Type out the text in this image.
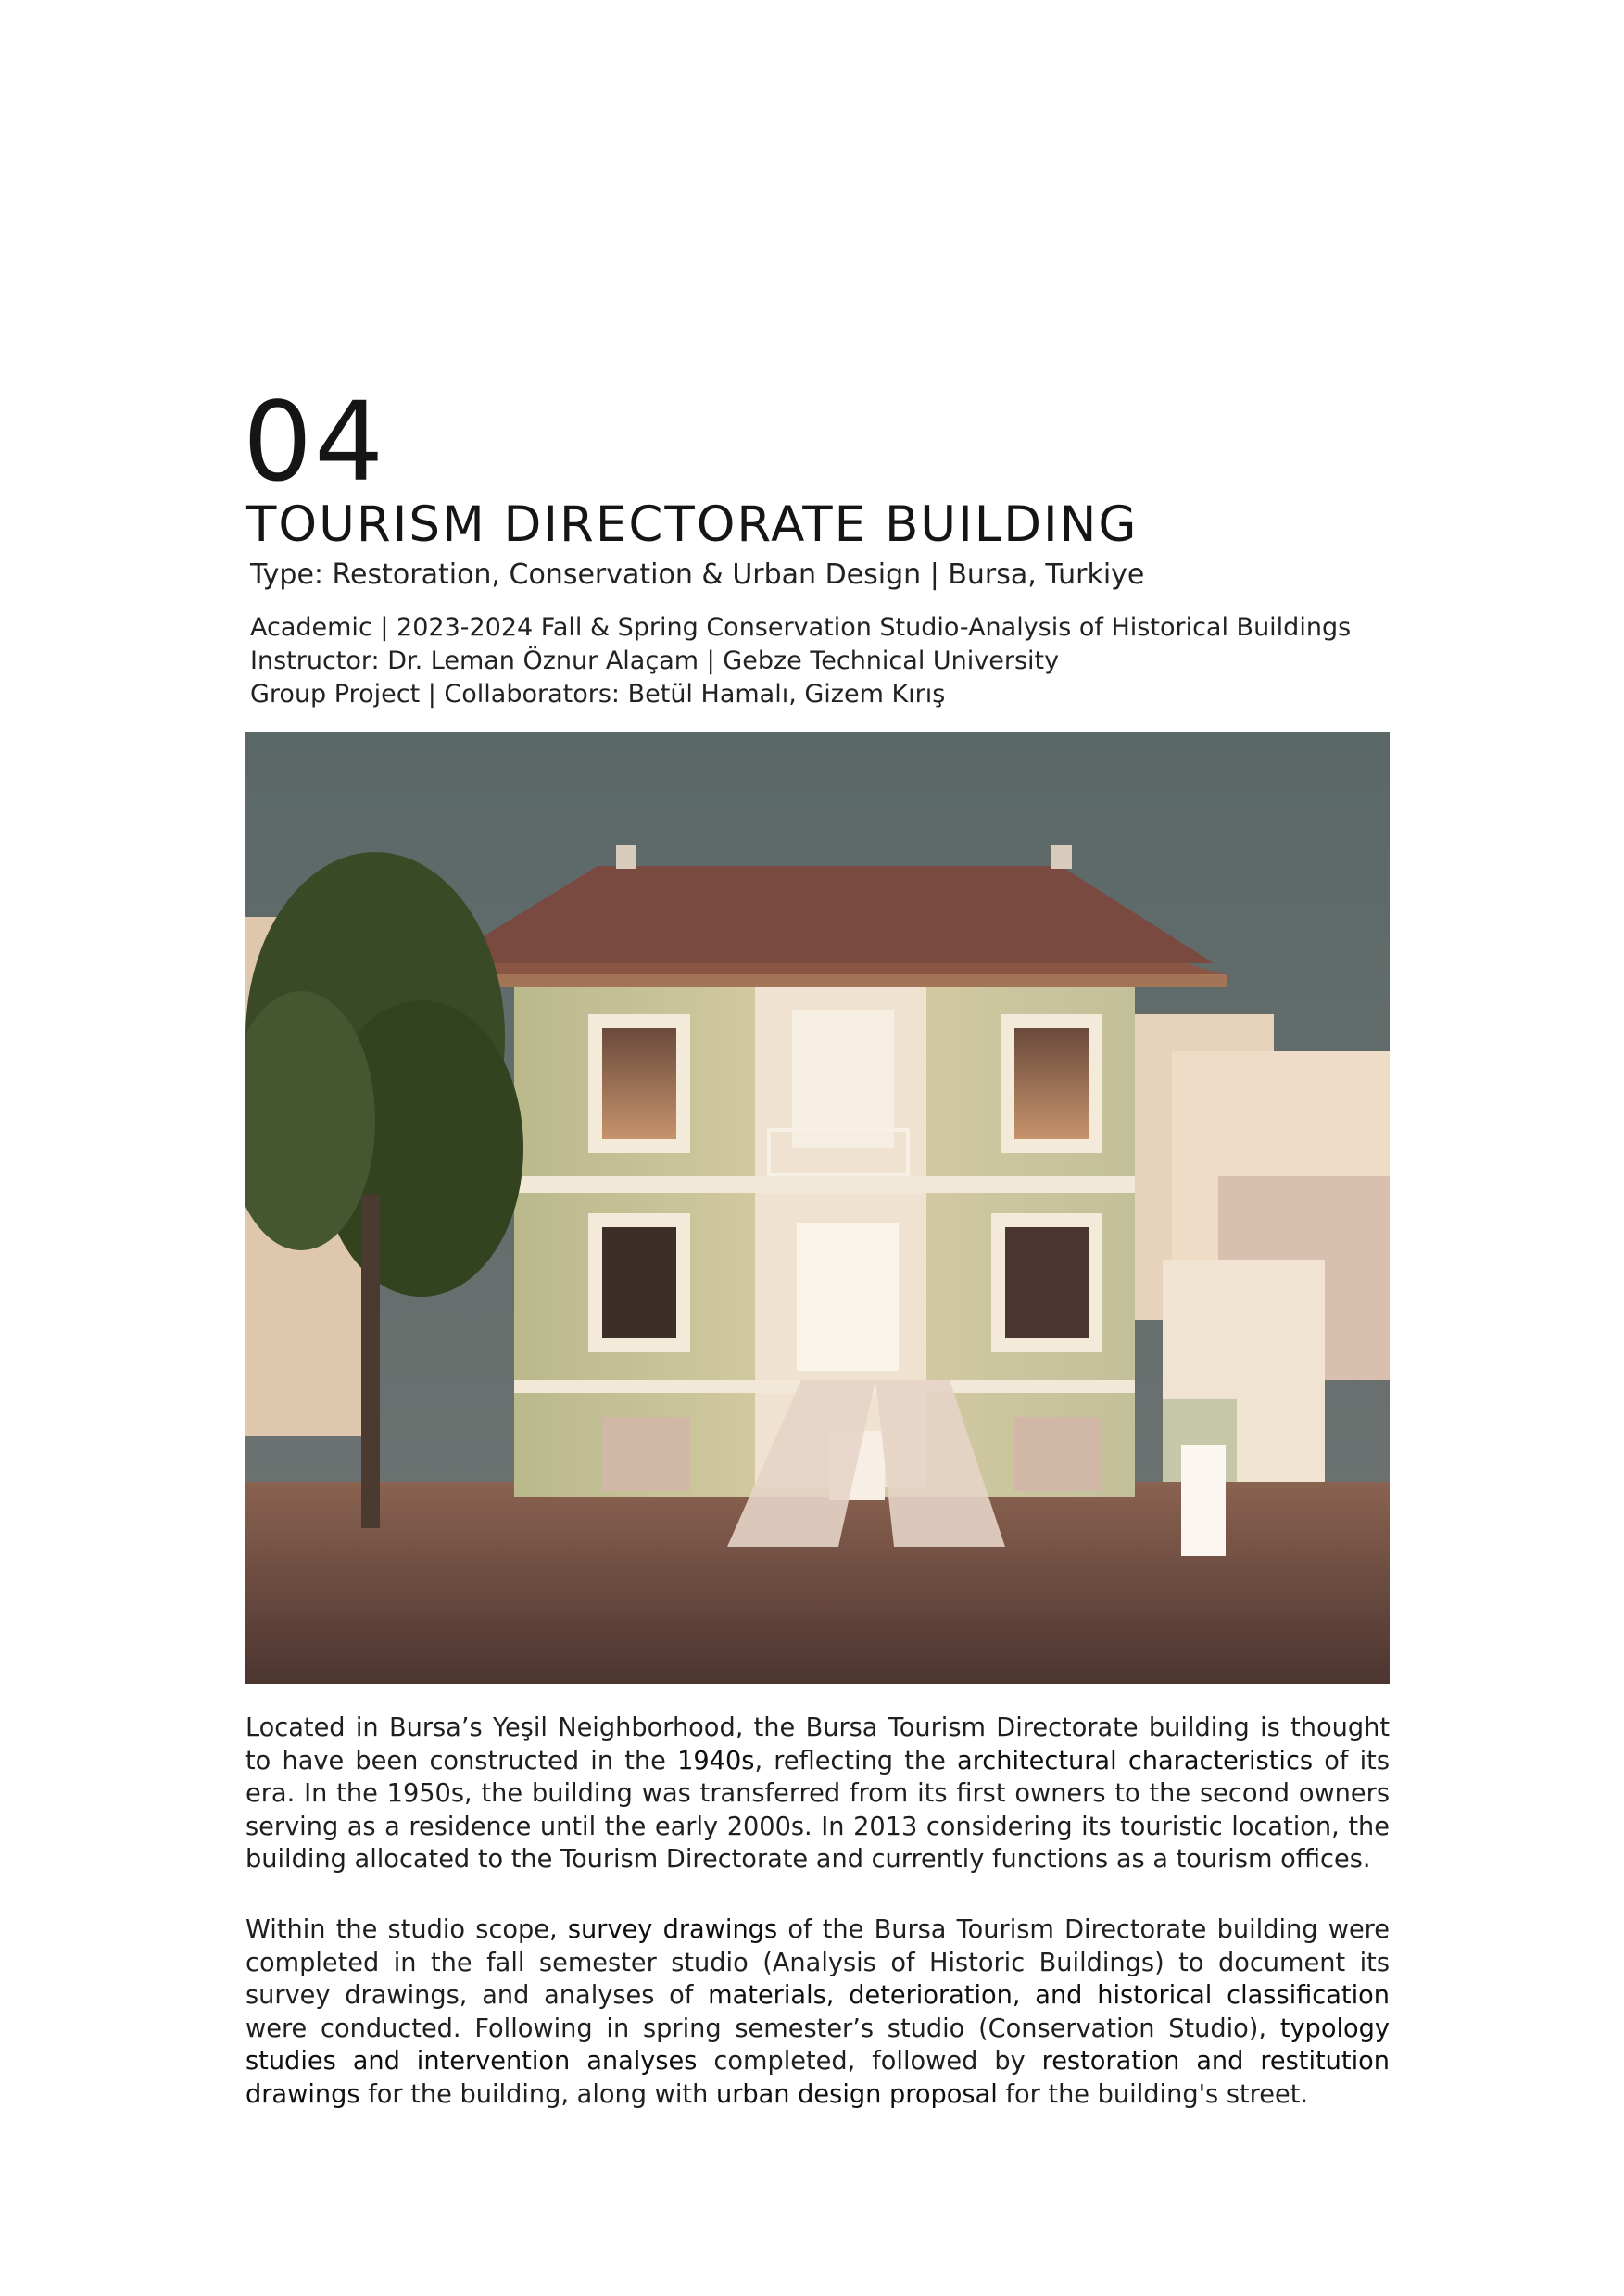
04
TOURISM DIRECTORATE BUILDING
Type: Restoration, Conservation & Urban Design | Bursa, Turkiye
Academic | 2023-2024 Fall & Spring Conservation Studio-Analysis of Historical Buildings
Instructor: Dr. Leman Öznur Alaçam | Gebze Technical University
Group Project | Collaborators: Betül Hamalı, Gizem Kırış
Located in Bursa’s Yeşil Neighborhood, the Bursa Tourism Directorate building is thought to have been constructed in the 1940s, reflecting the architectural characteristics of its era. In the 1950s, the building was transferred from its first owners to the second owners serving as a residence until the early 2000s. In 2013 considering its touristic location, the building allocated to the Tourism Directorate and currently functions as a tourism offices.
Within the studio scope, survey drawings of the Bursa Tourism Directorate building were completed in the fall semester studio (Analysis of Historic Buildings) to document its survey drawings, and analyses of materials, deterioration, and historical classification were conducted. Following in spring semester’s studio (Conservation Studio), typology studies and intervention analyses completed, followed by restoration and restitution drawings for the building, along with urban design proposal for the building's street.
